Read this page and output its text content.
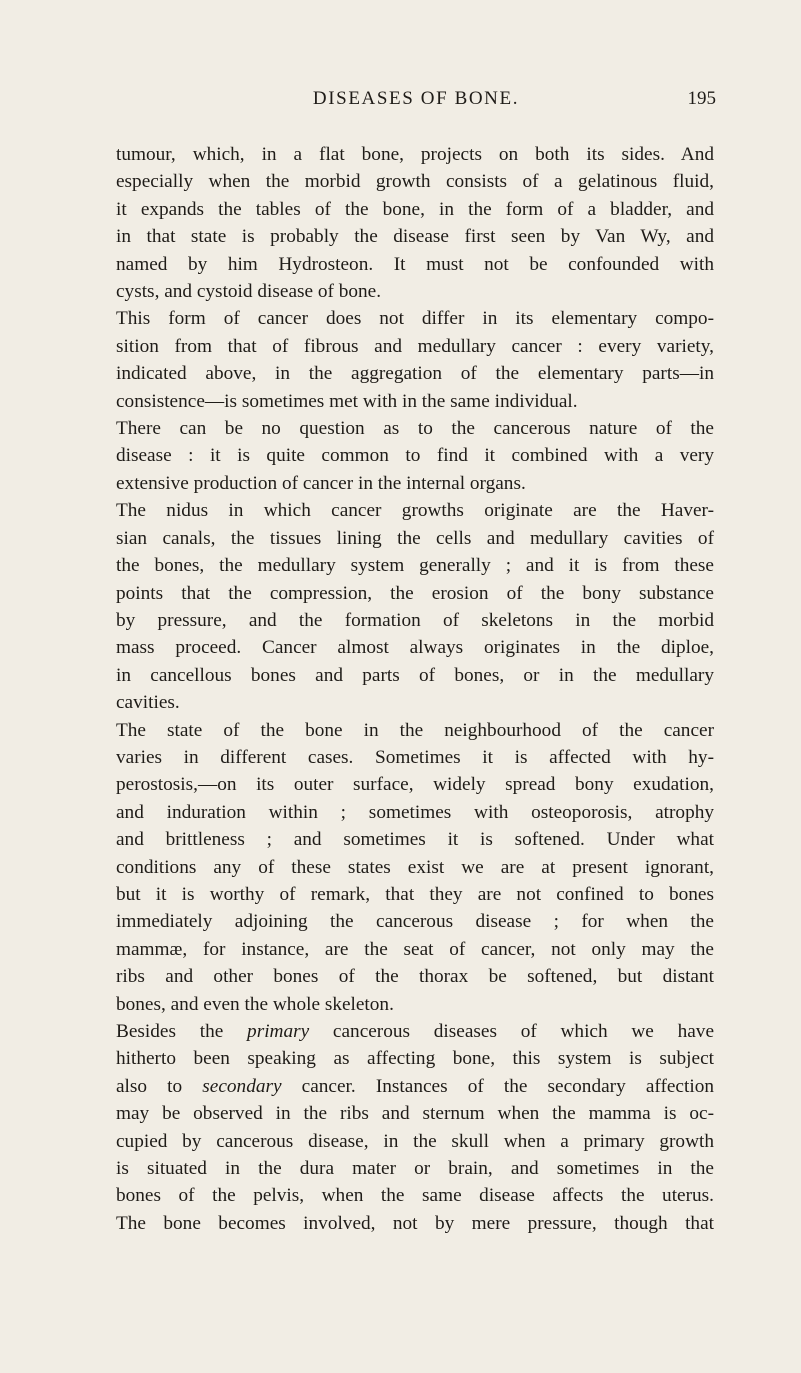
DISEASES OF BONE.	195

tumour, which, in a flat bone, projects on both its sides. And
especially when the morbid growth consists of a gelatinous fluid,
it expands the tables of the bone, in the form of a bladder, and
in that state is probably the disease first seen by Van Wy, and
named by him Hydrosteon. It must not be confounded with
cysts, and cystoid disease of bone.

This form of cancer does not differ in its elementary compo-
sition from that of fibrous and medullary cancer : every variety,
indicated above, in the aggregation of the elementary parts—in
consistence—is sometimes met with in the same individual.

There can be no question as to the cancerous nature of the
disease : it is quite common to find it combined with a very
extensive production of cancer in the internal organs.

The nidus in which cancer growths originate are the Haver-
sian canals, the tissues lining the cells and medullary cavities of
the bones, the medullary system generally ; and it is from these
points that the compression, the erosion of the bony substance
by pressure, and the formation of skeletons in the morbid
mass proceed. Cancer almost always originates in the diploe,
in cancellous bones and parts of bones, or in the medullary
cavities.

The state of the bone in the neighbourhood of the cancer
varies in different cases. Sometimes it is affected with hy-
perostosis,—on its outer surface, widely spread bony exudation,
and induration within ; sometimes with osteoporosis, atrophy
and brittleness ; and sometimes it is softened. Under what
conditions any of these states exist we are at present ignorant,
but it is worthy of remark, that they are not confined to bones
immediately adjoining the cancerous disease ; for when the
mammæ, for instance, are the seat of cancer, not only may the
ribs and other bones of the thorax be softened, but distant
bones, and even the whole skeleton.

Besides the primary cancerous diseases of which we have
hitherto been speaking as affecting bone, this system is subject
also to secondary cancer. Instances of the secondary affection
may be observed in the ribs and sternum when the mamma is oc-
cupied by cancerous disease, in the skull when a primary growth
is situated in the dura mater or brain, and sometimes in the
bones of the pelvis, when the same disease affects the uterus.
The bone becomes involved, not by mere pressure, though that
